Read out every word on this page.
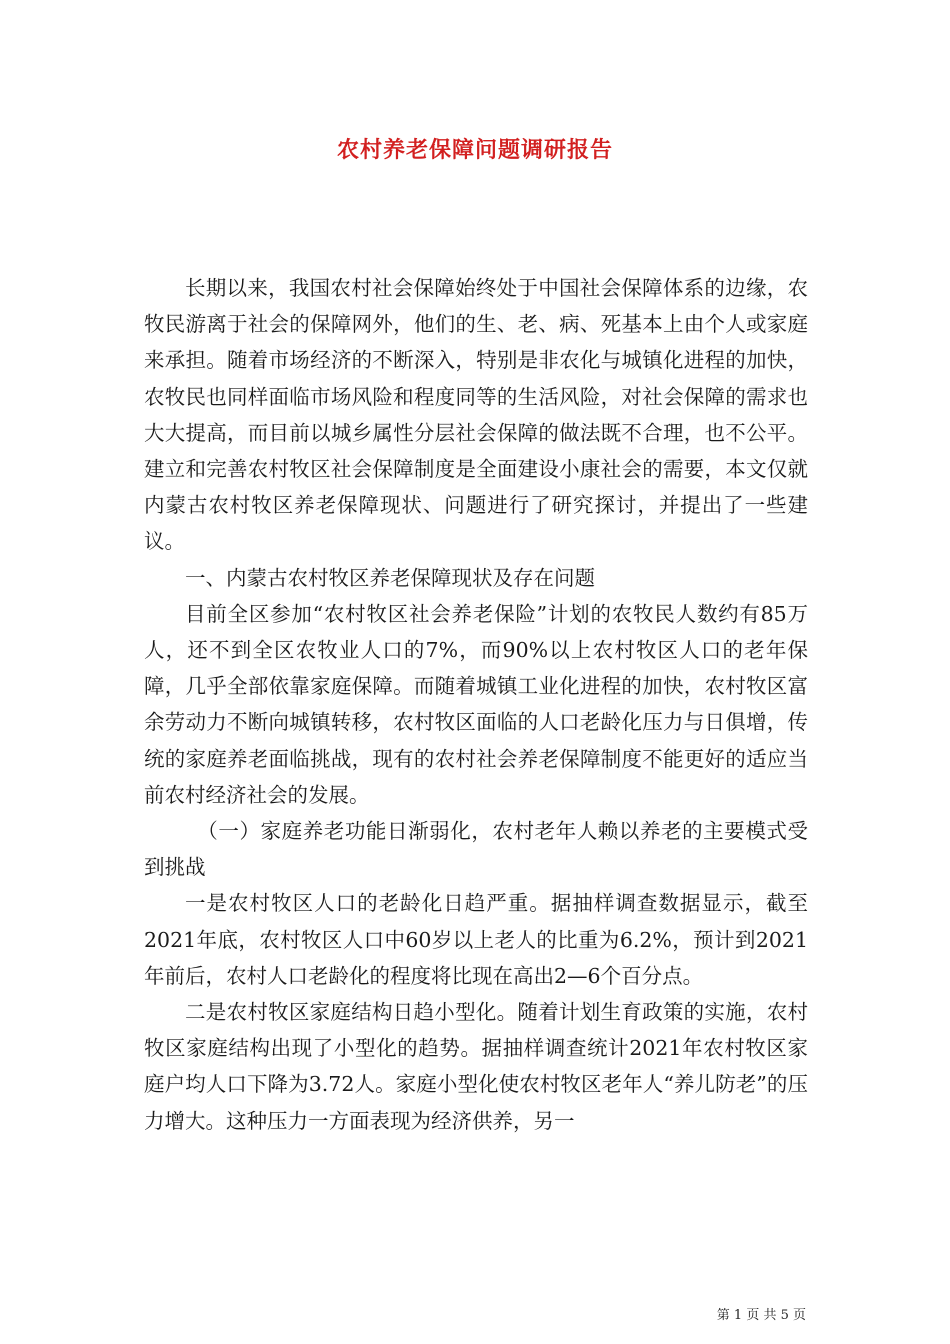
农村养老保障问题调研报告

长期以来，我国农村社会保障始终处于中国社会保障体系的边缘，农牧民游离于社会的保障网外，他们的生、老、病、死基本上由个人或家庭来承担。随着市场经济的不断深入，特别是非农化与城镇化进程的加快，农牧民也同样面临市场风险和程度同等的生活风险，对社会保障的需求也大大提高，而目前以城乡属性分层社会保障的做法既不合理，也不公平。建立和完善农村牧区社会保障制度是全面建设小康社会的需要，本文仅就内蒙古农村牧区养老保障现状、问题进行了研究探讨，并提出了一些建议。

一、内蒙古农村牧区养老保障现状及存在问题

目前全区参加“农村牧区社会养老保险”计划的农牧民人数约有85万人，还不到全区农牧业人口的7%，而90%以上农村牧区人口的老年保障，几乎全部依靠家庭保障。而随着城镇工业化进程的加快，农村牧区富余劳动力不断向城镇转移，农村牧区面临的人口老龄化压力与日俱增，传统的家庭养老面临挑战，现有的农村社会养老保障制度不能更好的适应当前农村经济社会的发展。

（一）家庭养老功能日渐弱化，农村老年人赖以养老的主要模式受到挑战

一是农村牧区人口的老龄化日趋严重。据抽样调查数据显示，截至2021年底，农村牧区人口中60岁以上老人的比重为6.2%，预计到2021年前后，农村人口老龄化的程度将比现在高出2—6个百分点。

二是农村牧区家庭结构日趋小型化。随着计划生育政策的实施，农村牧区家庭结构出现了小型化的趋势。据抽样调查统计2021年农村牧区家庭户均人口下降为3.72人。家庭小型化使农村牧区老年人“养儿防老”的压力增大。这种压力一方面表现为经济供养，另一

第 1 页 共 5 页
